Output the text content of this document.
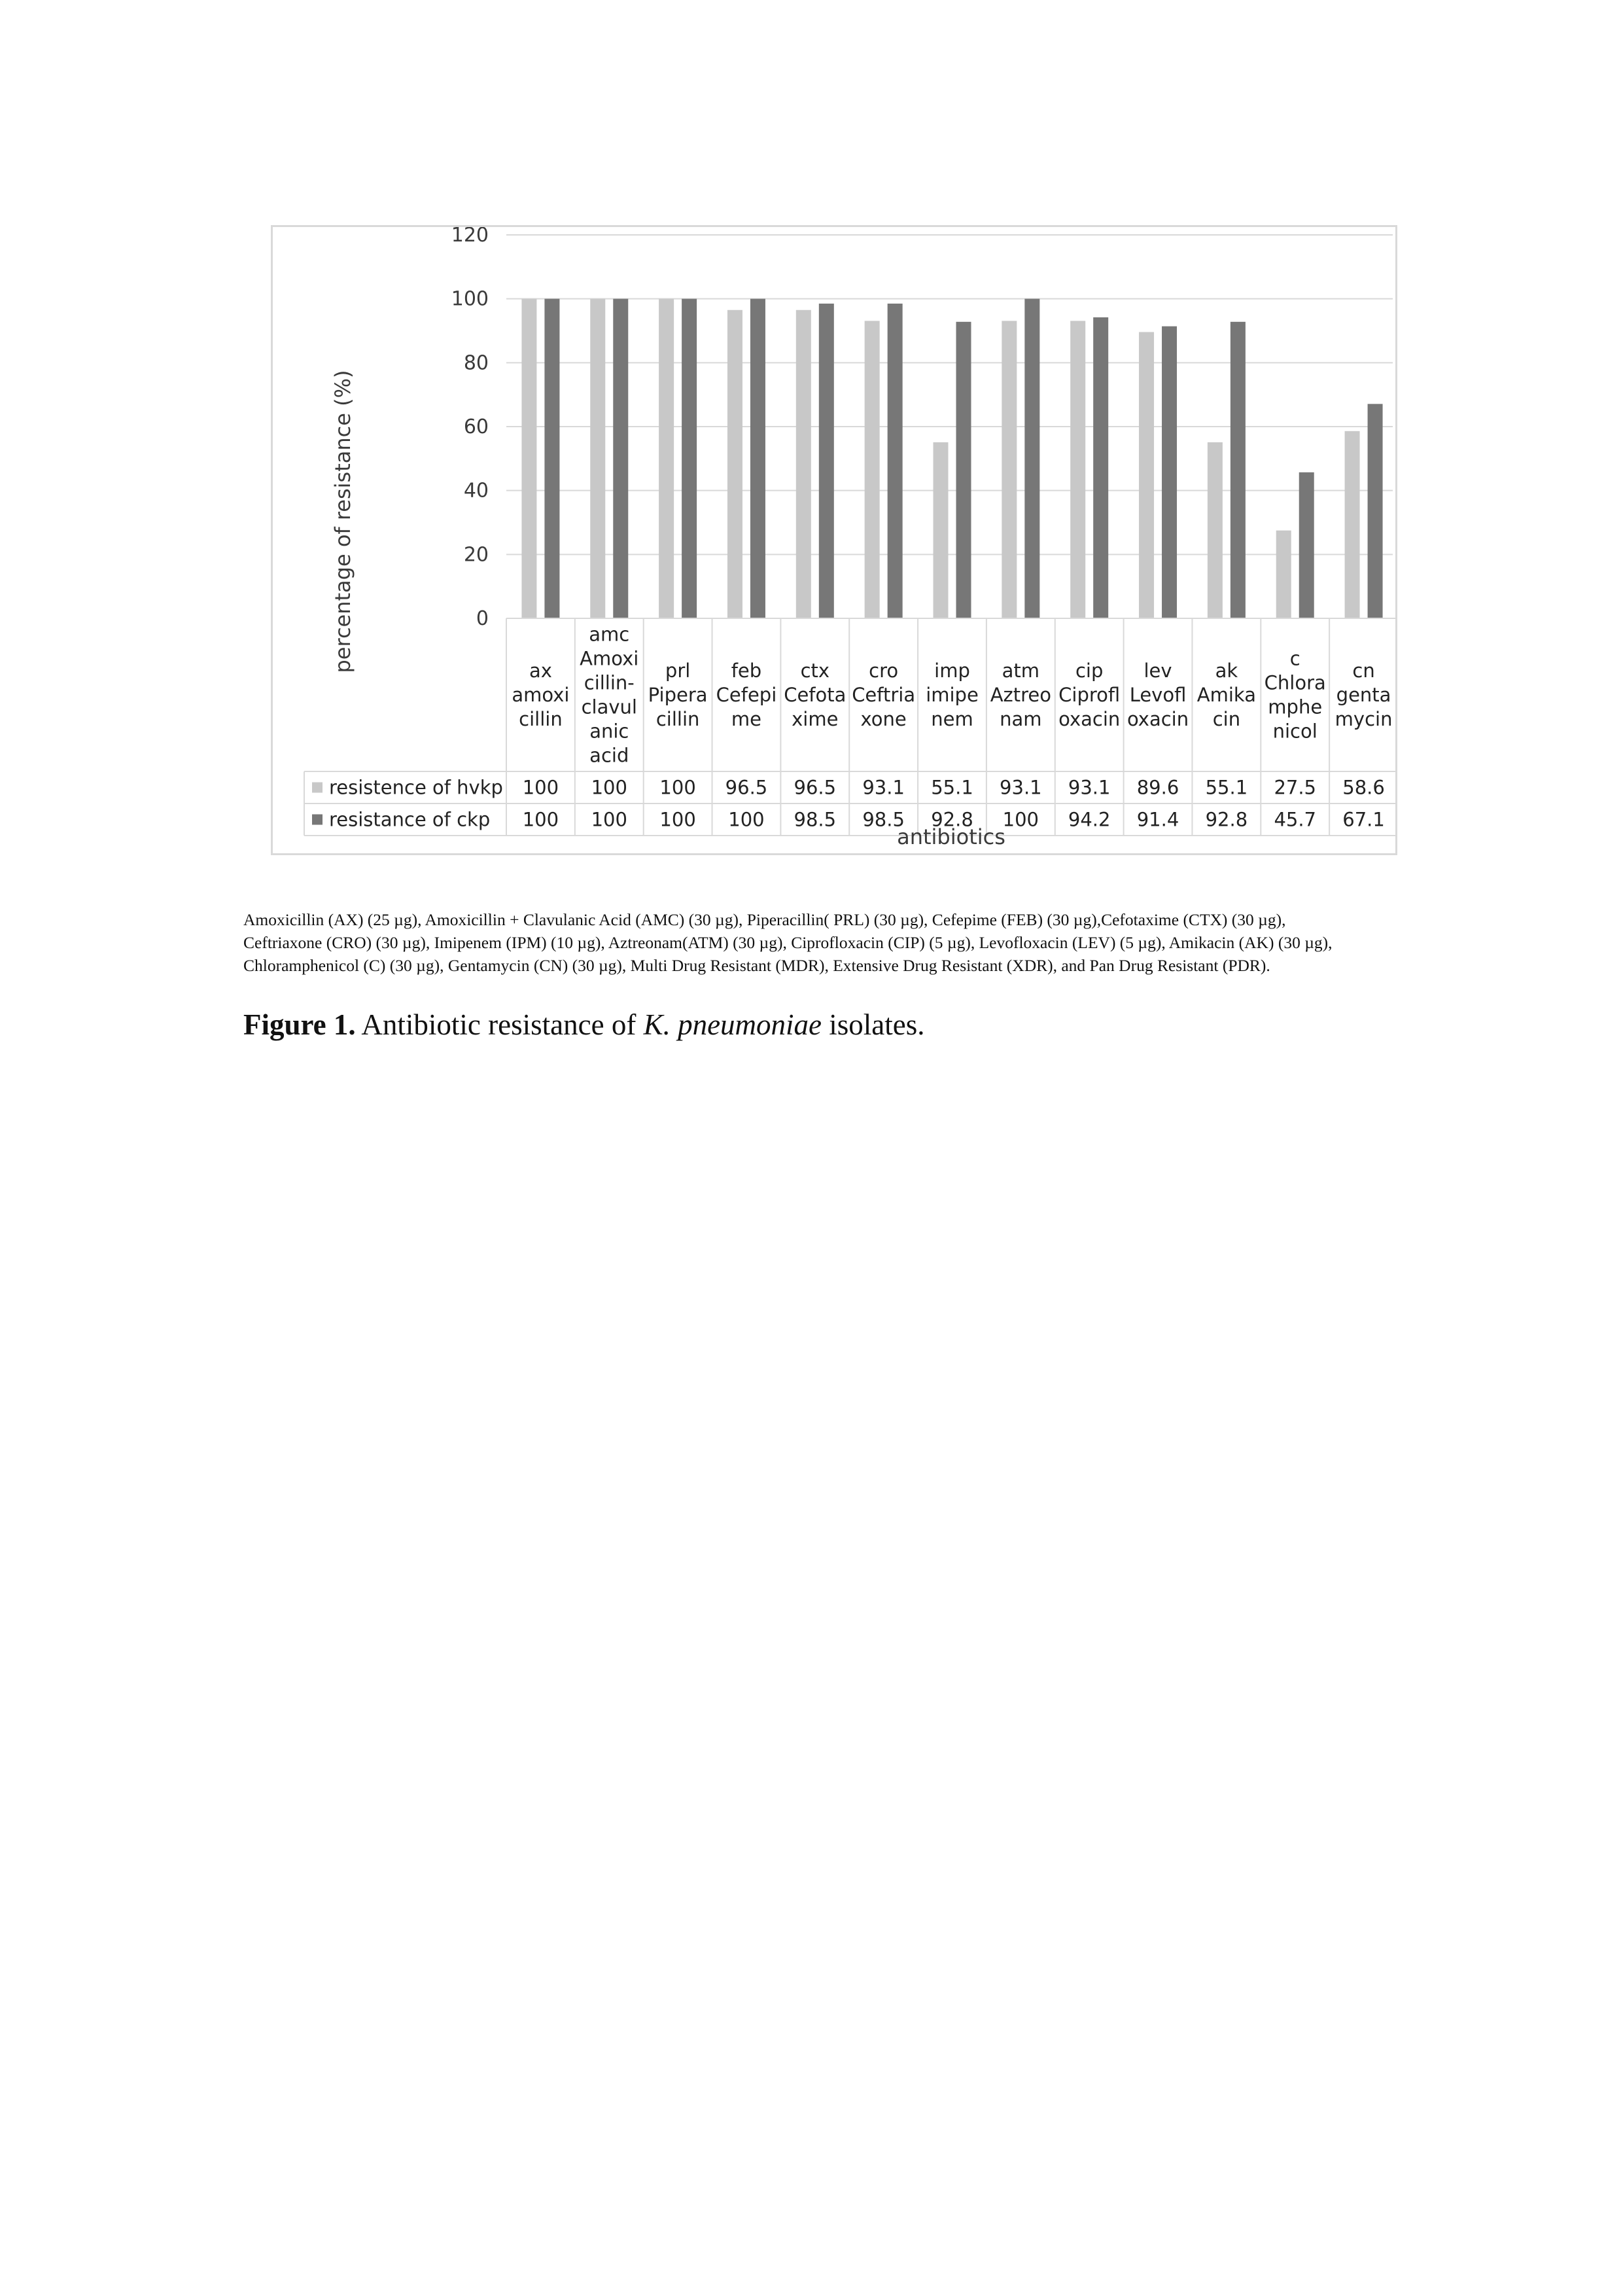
0
20
40
60
80
100
120
ax amoxi cillin
amc Amoxi cillin-clavul anic acid
prl Pipera cillin
feb Cefepi me
ctx Cefota xime
cro Ceftria xone
imp imipe nem
atm Aztreo nam
cip Ciprofl oxacin
lev Levofl oxacin
ak Amika cin
c Chlora mphe nicol
cn genta mycin
resistence of hvkp 100 100 100 96.5 96.5 93.1 55.1 93.1 93.1 89.6 55.1 27.5 58.6
resistance of ckp 100 100 100 100 98.5 98.5 92.8 100 94.2 91.4 92.8 45.7 67.1
percentage of resistance (%)
antibiotics

Amoxicillin (AX) (25 µg), Amoxicillin + Clavulanic Acid (AMC) (30 µg), Piperacillin( PRL) (30 µg), Cefepime (FEB) (30 µg),Cefotaxime (CTX) (30 µg), Ceftriaxone (CRO) (30 µg), Imipenem (IPM) (10 µg), Aztreonam(ATM) (30 µg), Ciprofloxacin (CIP) (5 µg), Levofloxacin (LEV) (5 µg), Amikacin (AK) (30 µg), Chloramphenicol (C) (30 µg), Gentamycin (CN) (30 µg), Multi Drug Resistant (MDR), Extensive Drug Resistant (XDR), and Pan Drug Resistant (PDR).

Figure 1. Antibiotic resistance of K. pneumoniae isolates.
